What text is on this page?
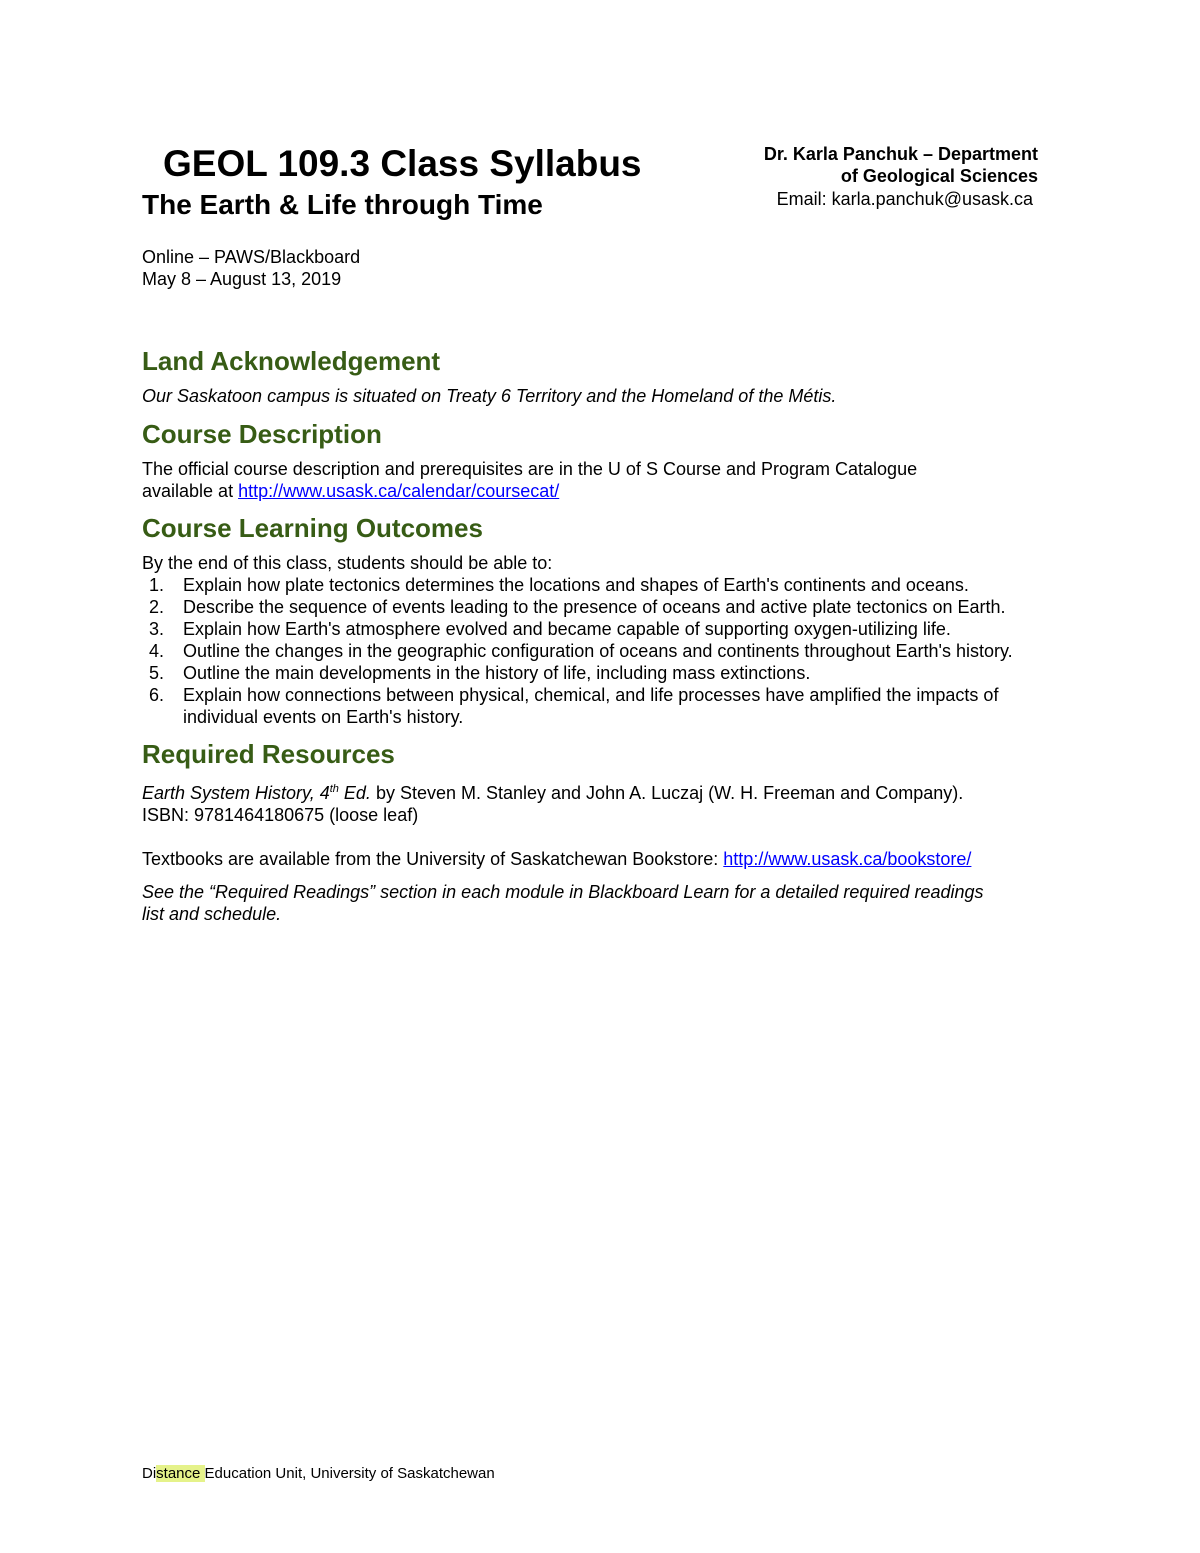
GEOL 109.3 Class Syllabus
The Earth & Life through Time
Dr. Karla Panchuk – Department
of Geological Sciences
Email: karla.panchuk@usask.ca
Online – PAWS/Blackboard
May 8 – August 13, 2019
Land Acknowledgement

Our Saskatoon campus is situated on Treaty 6 Territory and the Homeland of the Métis.

Course Description

The official course description and prerequisites are in the U of S Course and Program Catalogue
available at http://www.usask.ca/calendar/coursecat/

Course Learning Outcomes

By the end of this class, students should be able to:

1. Explain how plate tectonics determines the locations and shapes of Earth's continents and oceans.
2. Describe the sequence of events leading to the presence of oceans and active plate tectonics on Earth.
3. Explain how Earth's atmosphere evolved and became capable of supporting oxygen-utilizing life.
4. Outline the changes in the geographic configuration of oceans and continents throughout Earth's history.
5. Outline the main developments in the history of life, including mass extinctions.
6. Explain how connections between physical, chemical, and life processes have amplified the impacts of individual events on Earth's history.
Required Resources

Earth System History, 4th Ed. by Steven M. Stanley and John A. Luczaj (W. H. Freeman and Company).
ISBN: 9781464180675 (loose leaf)

Textbooks are available from the University of Saskatchewan Bookstore: http://www.usask.ca/bookstore/

See the “Required Readings” section in each module in Blackboard Learn for a detailed required readings list and schedule.

Distance Education Unit, University of Saskatchewan
